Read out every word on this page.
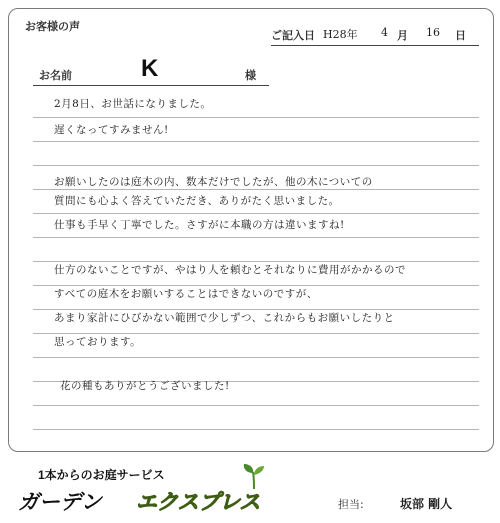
お客様の声
ご記入日 H28年 4 月 16 日
お名前	K	様
2月8日、お世話になりました。
遅くなってすみません!
お願いしたのは庭木の内、数本だけでしたが、他の木についての
質問にも心よく答えていただき、ありがたく思いました。
仕事も手早く丁寧でした。さすがに本職の方は違いますね!
仕方のないことですが、やはり人を頼むとそれなりに費用がかかるので
すべての庭木をお願いすることはできないのですが、
あまり家計にひびかない範囲で少しずつ、これからもお願いしたりと
思っております。
花の種もありがとうございました!
1本からのお庭サービス
ガーデン エクスプレス	担当:	坂部 剛人
